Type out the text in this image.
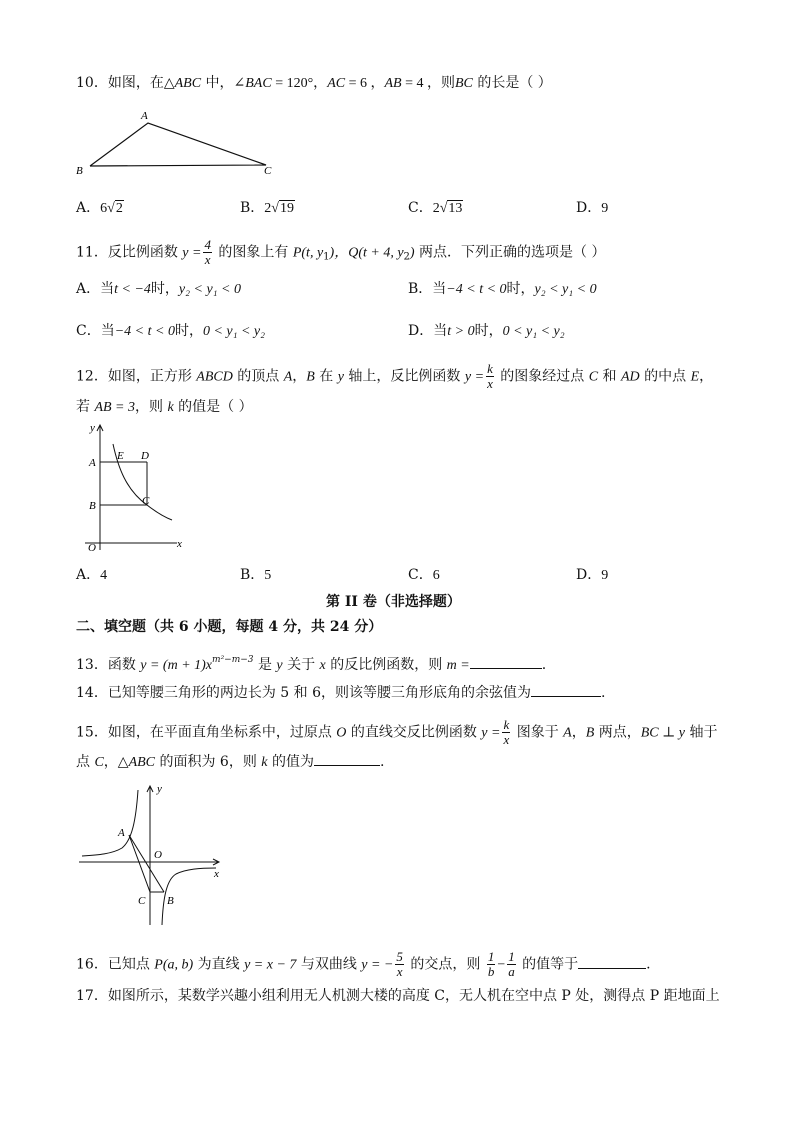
10．如图，在△ABC 中，∠BAC = 120°，AC = 6 ，AB = 4 ，则BC 的长是（ ）
A
B	C
A．6√2	B．2√19	C．2√13	D．9
11．反比例函数 $y = \frac{4}{x}$ 的图象上有 P(t, $y_1$)，Q(t + 4, $y_2$) 两点．下列正确的选项是（ ）
A．当t < −4时，y₂ < y₁ < 0	B．当−4 < t < 0时，y₂ < y₁ < 0
C．当−4 < t < 0时，0 < y₁ < y₂	D．当t > 0时，0 < y₁ < y₂
12．如图，正方形 ABCD 的顶点 A，B 在 y 轴上，反比例函数 $y = \frac{k}{x}$ 的图象经过点 C 和 AD 的中点 E，
若 AB = 3，则 k 的值是（ ）
y
x
O
A
B
E D
C
A．4	B．5	C．6	D．9
第 II 卷（非选择题）
二、填空题（共 6 小题，每题 4 分，共 24 分）
13．函数 $y = (m + 1)x^{m^2-m-3}$ 是 y 关于 x 的反比例函数，则 m =	.
14．已知等腰三角形的两边长为 5 和 6，则该等腰三角形底角的余弦值为	.
15．如图，在平面直角坐标系中，过原点 O 的直线交反比例函数 $y = \frac{k}{x}$ 图象于 A，B 两点，BC ⊥ y 轴于
点 C，△ABC 的面积为 6，则 k 的值为	.
y
x
O
A
B
C
16．已知点 P(a, b) 为直线 y = x − 7 与双曲线 y = − $\frac{5}{x}$ 的交点，则 $\frac{1}{b} - \frac{1}{a}$ 的值等于	.
17．如图所示，某数学兴趣小组利用无人机测大楼的高度 C，无人机在空中点 P 处，测得点 P 距地面上
